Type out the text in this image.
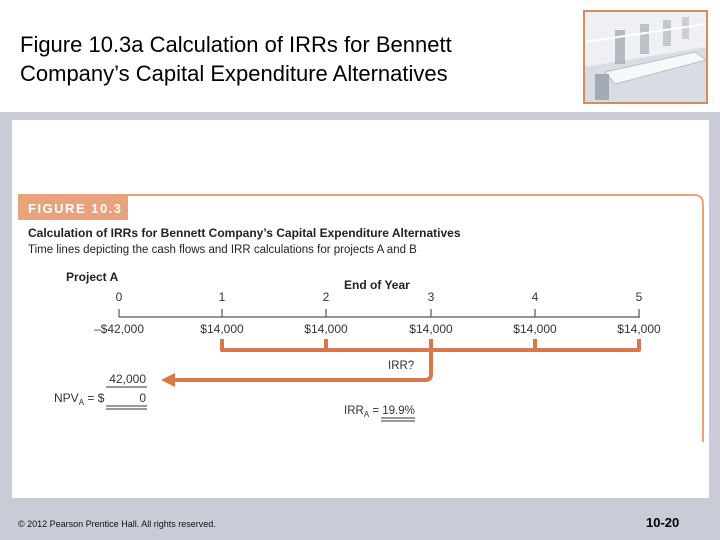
Figure 10.3a Calculation of IRRs for Bennett
Company’s Capital Expenditure Alternatives
FIGURE 10.3
Calculation of IRRs for Bennett Company’s Capital Expenditure Alternatives
Time lines depicting the cash flows and IRR calculations for projects A and B
Project A
End of Year
0	1	2	3	4	5
–$42,000	$14,000	$14,000	$14,000	$14,000	$14,000
IRR?
42,000
$NPV_A$ = $	0
$IRR_A = 19.9\%$
© 2012 Pearson Prentice Hall. All rights reserved.	10-20
